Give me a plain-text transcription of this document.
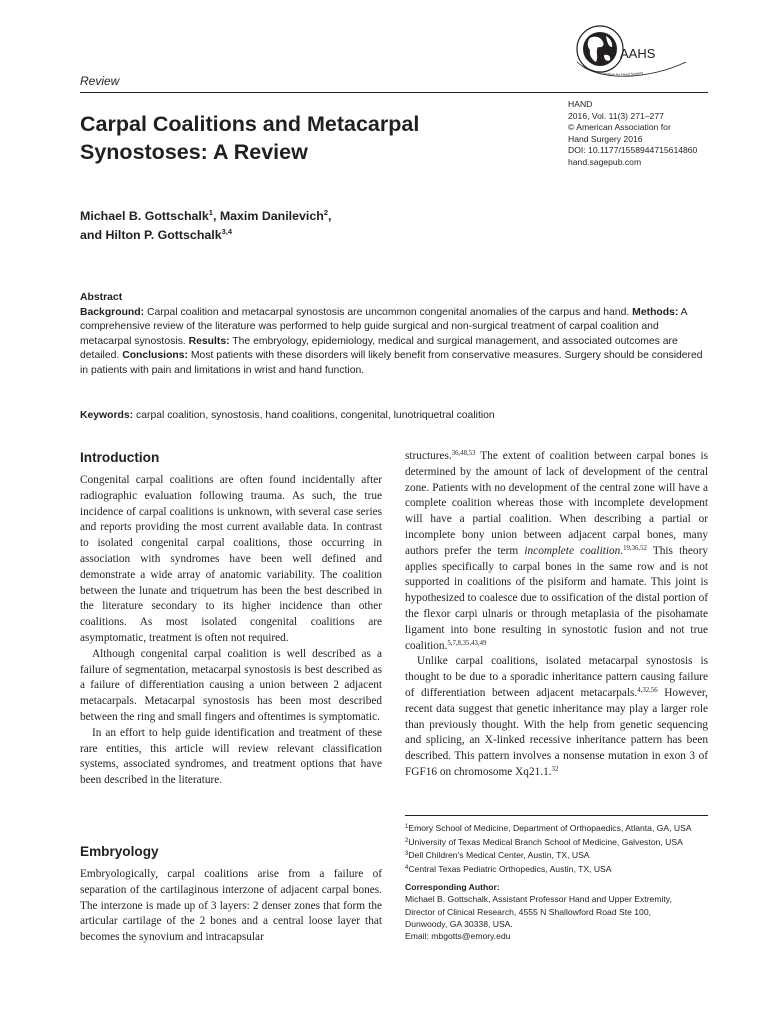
AAHS
American Association for Hand Surgery
Review
Carpal Coalitions and Metacarpal Synostoses: A Review
HAND
2016, Vol. 11(3) 271–277
© American Association for
Hand Surgery 2016
DOI: 10.1177/1558944715614860
hand.sagepub.com
Michael B. Gottschalk$^1$, Maxim Danilevich$^2$,
and Hilton P. Gottschalk$^{3,4}$
Abstract
Background: Carpal coalition and metacarpal synostosis are uncommon congenital anomalies of the carpus and hand. Methods: A comprehensive review of the literature was performed to help guide surgical and non-surgical treatment of carpal coalition and metacarpal synostosis. Results: The embryology, epidemiology, medical and surgical management, and associated outcomes are detailed. Conclusions: Most patients with these disorders will likely benefit from conservative measures. Surgery should be considered in patients with pain and limitations in wrist and hand function.
Keywords: carpal coalition, synostosis, hand coalitions, congenital, lunotriquetral coalition
Introduction

Congenital carpal coalitions are often found incidentally after radiographic evaluation following trauma. As such, the true incidence of carpal coalitions is unknown, with several case series and reports providing the most current available data. In contrast to isolated congenital carpal coalitions, those occurring in association with syndromes have been well defined and demonstrate a wide array of anatomic variability. The coalition between the lunate and triquetrum has been the best described in the literature secondary to its higher incidence than other coalitions. As most isolated congenital coalitions are asymptomatic, treatment is often not required.

Although congenital carpal coalition is well described as a failure of segmentation, metacarpal synostosis is best described as a failure of differentiation causing a union between 2 adjacent metacarpals. Metacarpal synostosis has been most described between the ring and small fingers and oftentimes is symptomatic.

In an effort to help guide identification and treatment of these rare entities, this article will review relevant classification systems, associated syndromes, and treatment options that have been described in the literature.

Embryology

Embryologically, carpal coalitions arise from a failure of separation of the cartilaginous interzone of adjacent carpal bones. The interzone is made up of 3 layers: 2 denser zones that form the articular cartilage of the 2 bones and a central loose layer that becomes the synovium and intracapsular

structures.$^{36,48,53}$ The extent of coalition between carpal bones is determined by the amount of lack of development of the central zone. Patients with no development of the central zone will have a complete coalition whereas those with incomplete development will have a partial coalition. When describing a partial or incomplete bony union between adjacent carpal bones, many authors prefer the term incomplete coalition.$^{19,36,52}$ This theory applies specifically to carpal bones in the same row and is not supported in coalitions of the pisiform and hamate. This joint is hypothesized to coalesce due to ossification of the distal portion of the flexor carpi ulnaris or through metaplasia of the pisohamate ligament into bone resulting in synostotic fusion and not true coalition.$^{5,7,8,35,43,49}$

Unlike carpal coalitions, isolated metacarpal synostosis is thought to be due to a sporadic inheritance pattern causing failure of differentiation between adjacent metacarpals.$^{4,32,56}$ However, recent data suggest that genetic inheritance may play a larger role than previously thought. With the help from genetic sequencing and splicing, an X-linked recessive inheritance pattern has been described. This pattern involves a nonsense mutation in exon 3 of FGF16 on chromosome Xq21.1.32

$^1$Emory School of Medicine, Department of Orthopaedics, Atlanta, GA, USA
$^2$University of Texas Medical Branch School of Medicine, Galveston, USA
$^3$Dell Children’s Medical Center, Austin, TX, USA
$^4$Central Texas Pediatric Orthopedics, Austin, TX, USA
Corresponding Author:
Michael B. Gottschalk, Assistant Professor Hand and Upper Extremity,
Director of Clinical Research, 4555 N Shallowford Road Ste 100,
Dunwoody, GA 30338, USA.
Email: mbgotts@emory.edu
